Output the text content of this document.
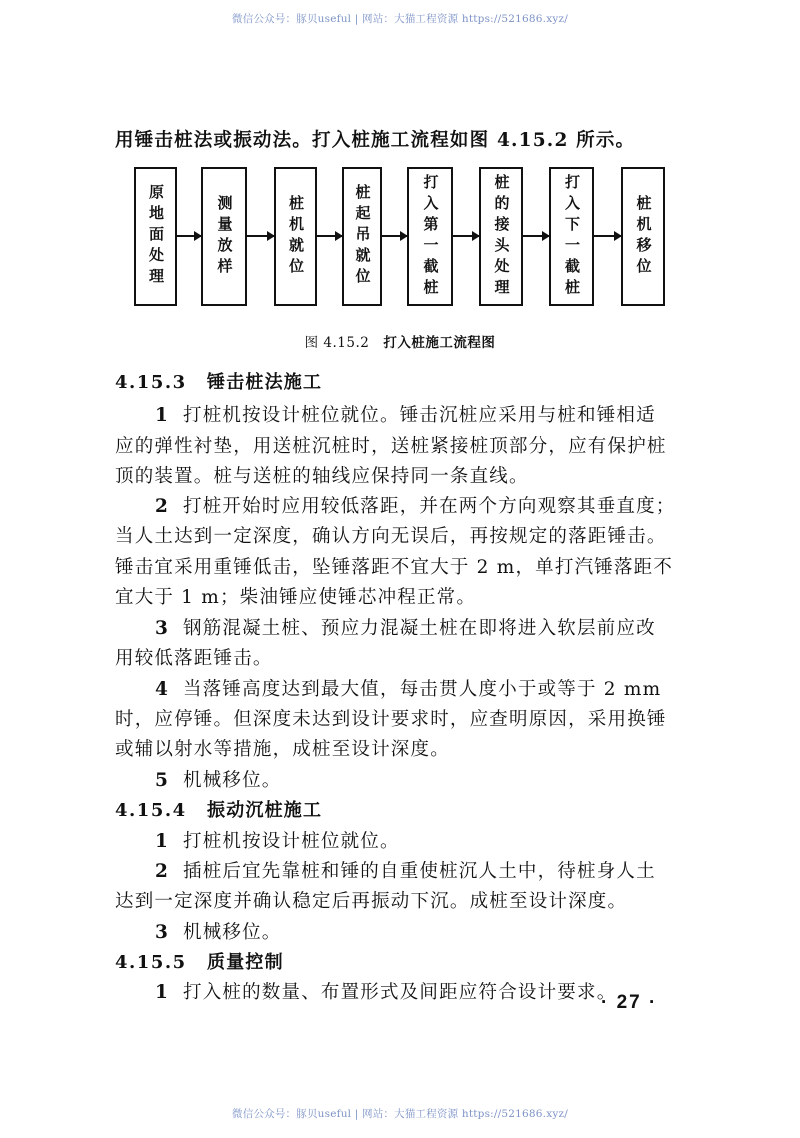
微信公众号：豚贝useful | 网站：大猫工程资源 https://521686.xyz/
用锤击桩法或振动法。打入桩施工流程如图 4.15.2 所示。
原地面处理	测量放样	桩机就位	桩起吊就位	打入第一截桩	桩的接头处理	打入下一截桩	桩机移位
图 4.15.2 打入桩施工流程图
4.15.3 锤击桩法施工
1 打桩机按设计桩位就位。锤击沉桩应采用与桩和锤相适
应的弹性衬垫，用送桩沉桩时，送桩紧接桩顶部分，应有保护桩
顶的装置。桩与送桩的轴线应保持同一条直线。
2 打桩开始时应用较低落距，并在两个方向观察其垂直度；
当人土达到一定深度，确认方向无误后，再按规定的落距锤击。
锤击宜采用重锤低击，坠锤落距不宜大于 2 m，单打汽锤落距不
宜大于 1 m；柴油锤应使锤芯冲程正常。
3 钢筋混凝土桩、预应力混凝土桩在即将进入软层前应改
用较低落距锤击。
4 当落锤高度达到最大值，每击贯人度小于或等于 2 mm
时，应停锤。但深度未达到设计要求时，应查明原因，采用换锤
或辅以射水等措施，成桩至设计深度。
5 机械移位。
4.15.4 振动沉桩施工
1 打桩机按设计桩位就位。
2 插桩后宜先靠桩和锤的自重使桩沉人土中，待桩身人土
达到一定深度并确认稳定后再振动下沉。成桩至设计深度。
3 机械移位。
4.15.5 质量控制
1 打入桩的数量、布置形式及间距应符合设计要求。
· 27 ·
微信公众号：豚贝useful | 网站：大猫工程资源 https://521686.xyz/
